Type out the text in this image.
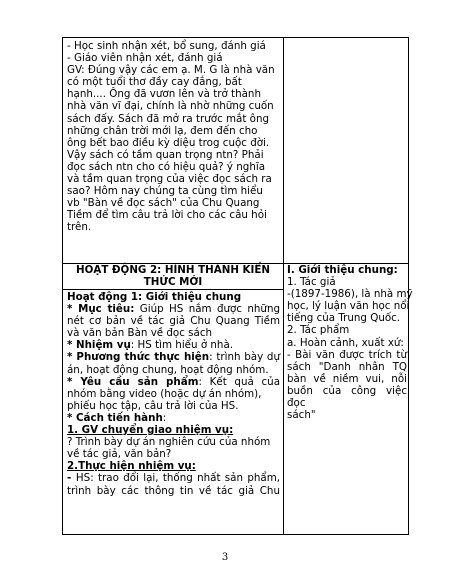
- Học sinh nhận xét, bổ sung, đánh giá
- Giáo viên nhận xét, đánh giá
GV: Đúng vậy các em ạ. M. G là nhà văn
có một tuổi thơ đầy cay đắng, bất
hạnh.... Ông đã vươn lên và trở thành
nhà văn vĩ đại, chính là nhờ những cuốn
sách đấy. Sách đã mở ra trước mắt ông
những chân trời mới lạ, đem đến cho
ông bết bao điều kỳ diệu trog cuộc đời.
Vậy sách có tầm quan trọng ntn? Phải
đọc sách ntn cho có hiệu quả? ý nghĩa
và tầm quan trọng của việc đọc sách ra
sao? Hôm nay chúng ta cùng tìm hiểu
vb "Bàn về đọc sách" của Chu Quang
Tiềm để tìm câu trả lời cho các câu hỏi
trên.
HOẠT ĐỘNG 2: HÌNH THÀNH KIẾN
THỨC MỚI
Hoạt động 1: Giới thiệu chung
* Mục tiêu: Giúp HS nắm được những
nét cơ bản về tác giả Chu Quang Tiềm
và văn bản Bàn về đọc sách
* Nhiệm vụ: HS tìm hiểu ở nhà.
* Phương thức thực hiện: trình bày dự
án, hoạt động chung, hoạt động nhóm.
* Yêu cầu sản phẩm: Kết quả của
nhóm bằng video (hoặc dự án nhóm),
phiếu học tập, câu trả lời của HS.
* Cách tiến hành:
1. GV chuyển giao nhiệm vụ:
? Trình bày dự án nghiên cứu của nhóm
về tác giả, văn bản?
2.Thực hiện nhiệm vụ:
- HS: trao đổi lại, thống nhất sản phẩm,
trình bày các thông tin về tác giả Chu
I. Giới thiệu chung:
1. Tác giả
-(1897-1986), là nhà mỹ
học, lý luận văn học nổi
tiếng của Trung Quốc.
2. Tác phẩm
a. Hoàn cảnh, xuất xứ:
- Bài văn được trích từ
sách "Danh nhân TQ
bàn về niềm vui, nỗi
buồn của công việc đọc
sách"
3
